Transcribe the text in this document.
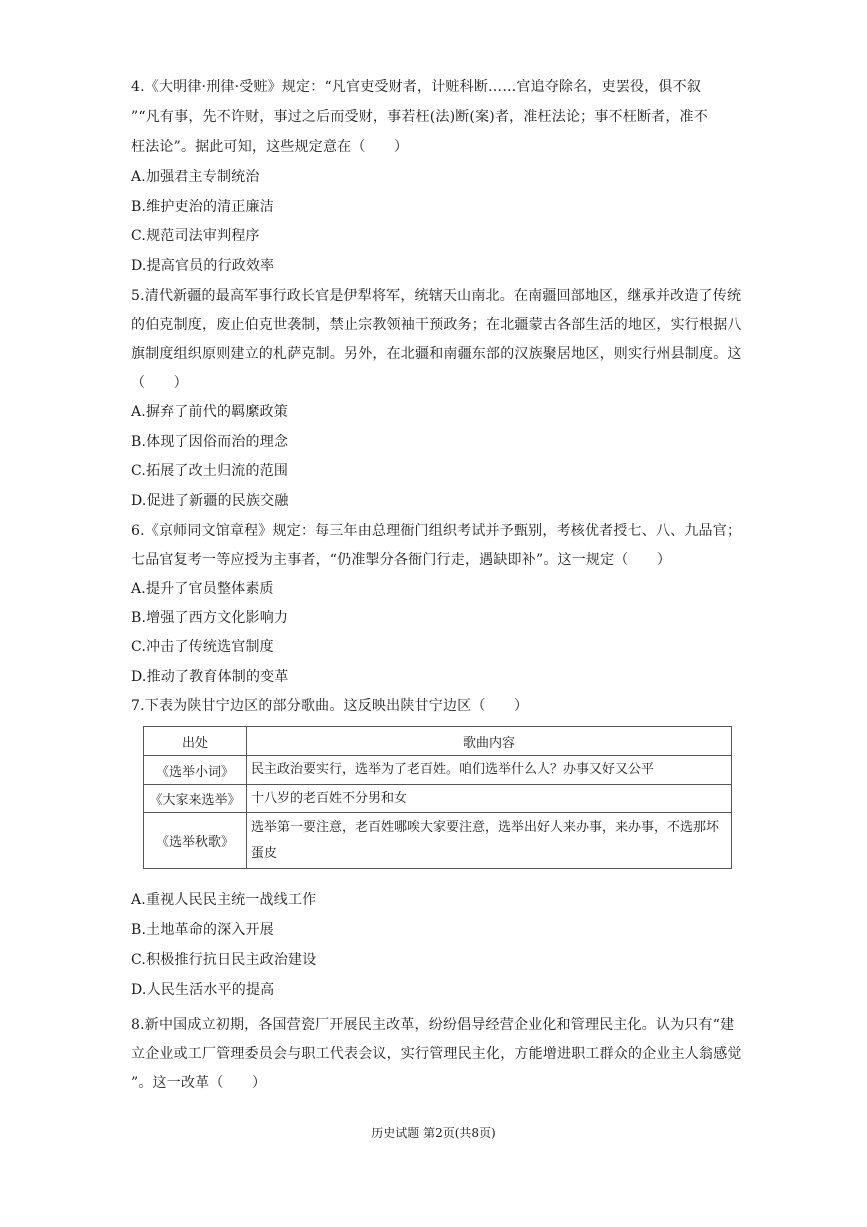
4.《大明律·刑律·受赃》规定：“凡官吏受财者，计赃科断……官追夺除名，吏罢役，俱不叙
”“凡有事，先不许财，事过之后而受财，事若枉(法)断(案)者，准枉法论；事不枉断者，准不
枉法论”。据此可知，这些规定意在（　　）
A.加强君主专制统治
B.维护吏治的清正廉洁
C.规范司法审判程序
D.提高官员的行政效率
5.清代新疆的最高军事行政长官是伊犁将军，统辖天山南北。在南疆回部地区，继承并改造了传统
的伯克制度，废止伯克世袭制，禁止宗教领袖干预政务；在北疆蒙古各部生活的地区，实行根据八
旗制度组织原则建立的札萨克制。另外，在北疆和南疆东部的汉族聚居地区，则实行州县制度。这
（　　）
A.摒弃了前代的羁縻政策
B.体现了因俗而治的理念
C.拓展了改土归流的范围
D.促进了新疆的民族交融
6.《京师同文馆章程》规定：每三年由总理衙门组织考试并予甄别，考核优者授七、八、九品官；
七品官复考一等应授为主事者，“仍准掣分各衙门行走，遇缺即补”。这一规定（　　）
A.提升了官员整体素质
B.增强了西方文化影响力
C.冲击了传统选官制度
D.推动了教育体制的变革
7.下表为陕甘宁边区的部分歌曲。这反映出陕甘宁边区（　　）
出处	歌曲内容
《选举小词》	民主政治要实行，选举为了老百姓。咱们选举什么人？办事又好又公平
《大家来选举》	十八岁的老百姓不分男和女
《选举秋歌》	选举第一要注意，老百姓哪唉大家要注意，选举出好人来办事，来办事，不选那坏蛋皮
A.重视人民民主统一战线工作
B.土地革命的深入开展
C.积极推行抗日民主政治建设
D.人民生活水平的提高
8.新中国成立初期，各国营瓷厂开展民主改革，纷纷倡导经营企业化和管理民主化。认为只有“建
立企业或工厂管理委员会与职工代表会议，实行管理民主化，方能增进职工群众的企业主人翁感觉
”。这一改革（　　）
历史试题 第2页(共8页)
